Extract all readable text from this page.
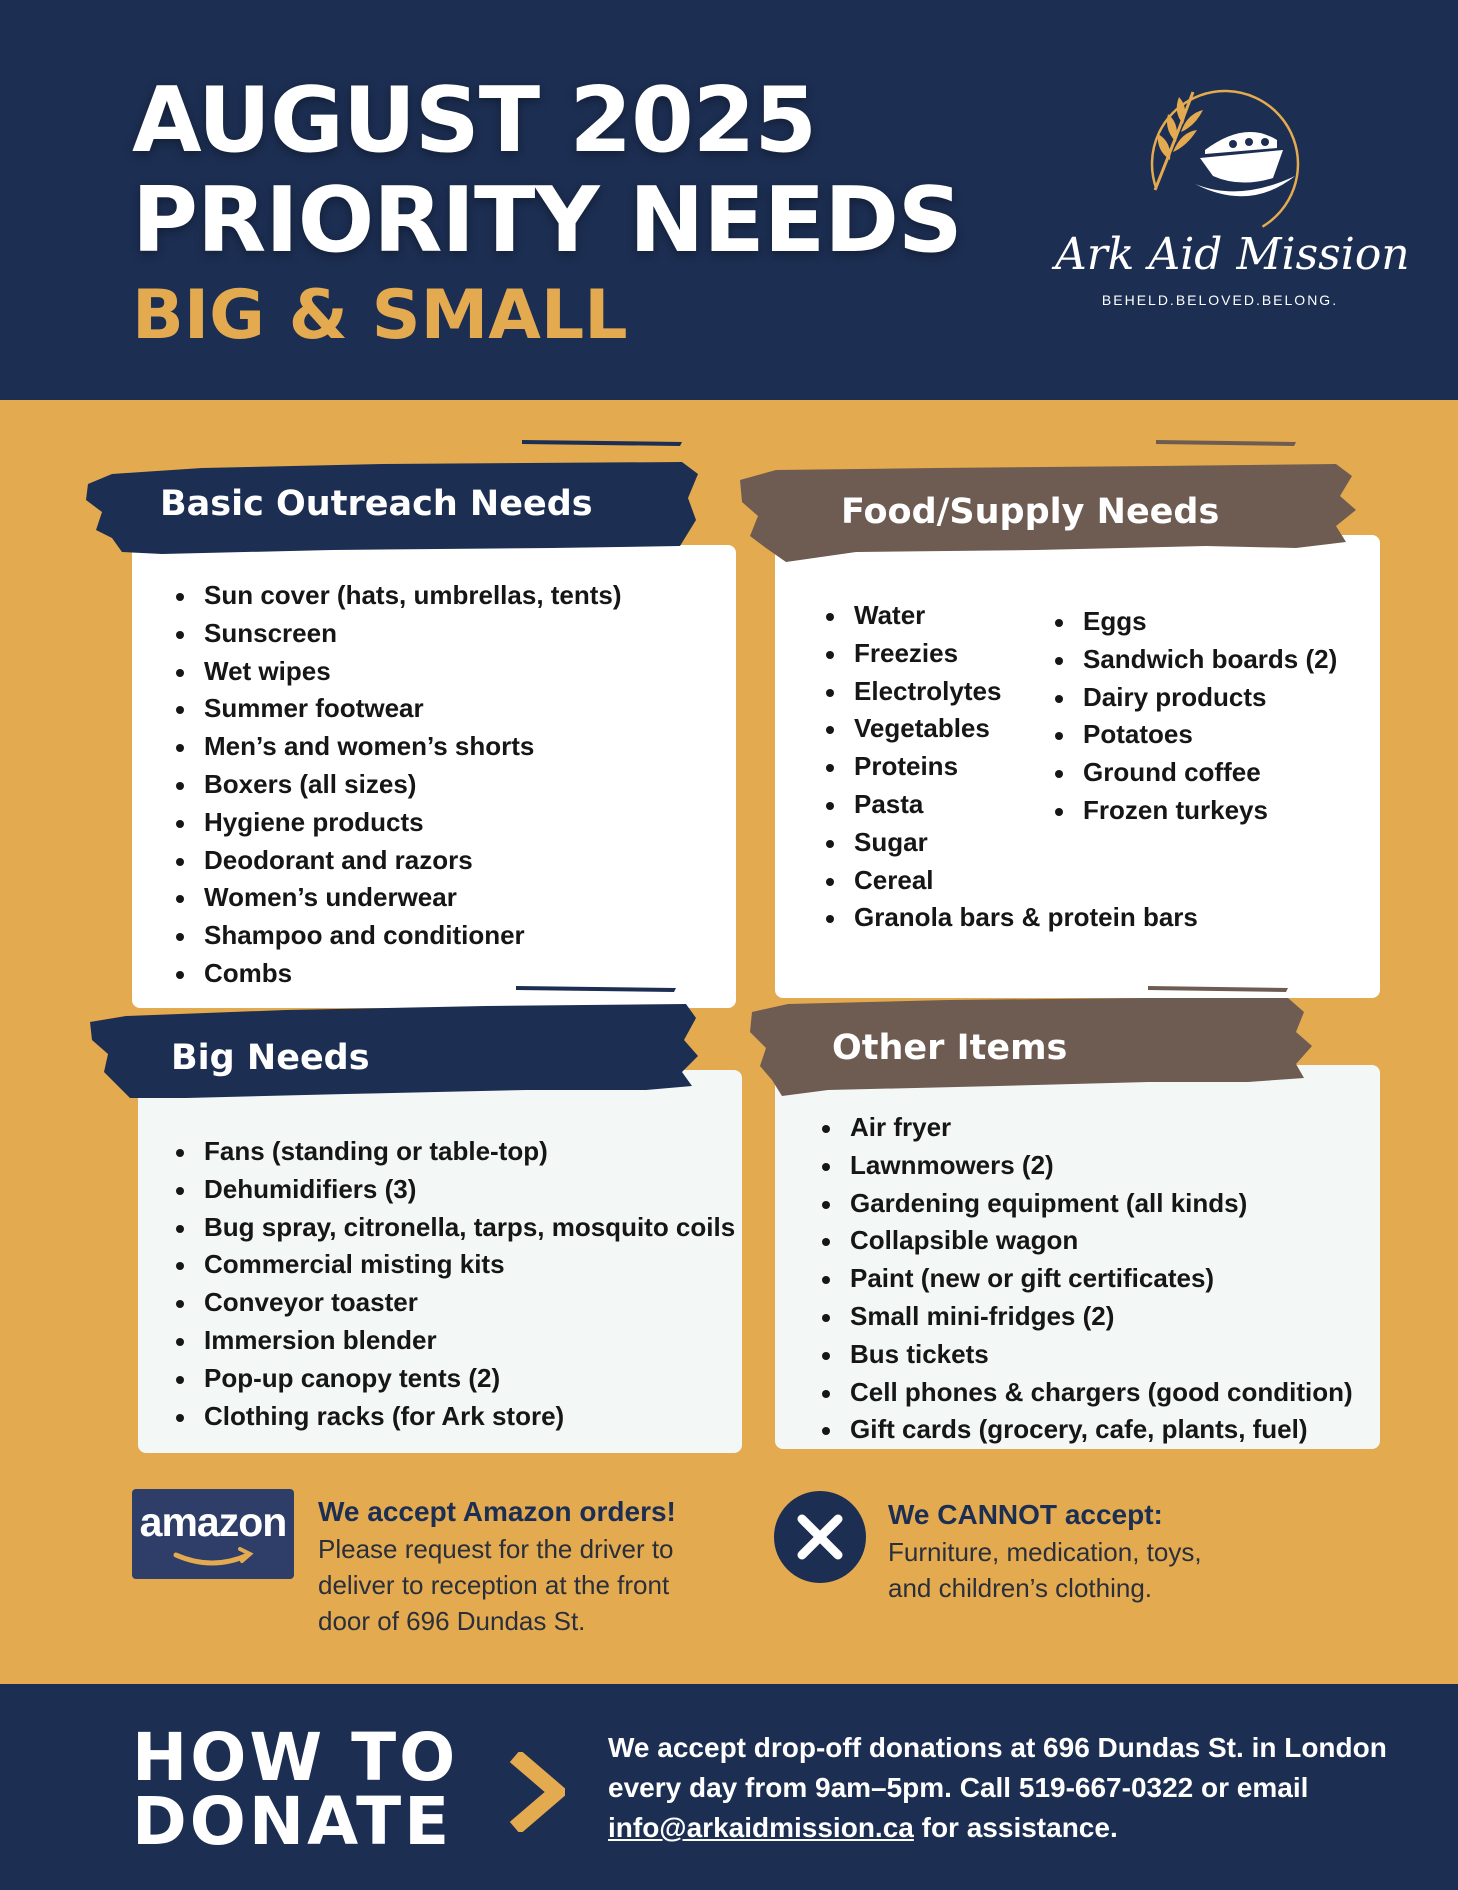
AUGUST 2025
PRIORITY NEEDS
BIG & SMALL
Ark Aid Mission
BEHELD.BELOVED.BELONG.
Basic Outreach Needs
Sun cover (hats, umbrellas, tents)
Sunscreen
Wet wipes
Summer footwear
Men’s and women’s shorts
Boxers (all sizes)
Hygiene products
Deodorant and razors
Women’s underwear
Shampoo and conditioner
Combs
Food/Supply Needs
Water
Freezies
Electrolytes
Vegetables
Proteins
Pasta
Sugar
Cereal
Granola bars & protein bars
Eggs
Sandwich boards (2)
Dairy products
Potatoes
Ground coffee
Frozen turkeys
Big Needs
Fans (standing or table-top)
Dehumidifiers (3)
Bug spray, citronella, tarps, mosquito coils
Commercial misting kits
Conveyor toaster
Immersion blender
Pop-up canopy tents (2)
Clothing racks (for Ark store)
Other Items
Air fryer
Lawnmowers (2)
Gardening equipment (all kinds)
Collapsible wagon
Paint (new or gift certificates)
Small mini-fridges (2)
Bus tickets
Cell phones & chargers (good condition)
Gift cards (grocery, cafe, plants, fuel)
amazon We accept Amazon orders!
Please request for the driver to
deliver to reception at the front
door of 696 Dundas St.
We CANNOT accept:
Furniture, medication, toys,
and children’s clothing.
HOW TO
DONATE
We accept drop-off donations at 696 Dundas St. in London
every day from 9am–5pm. Call 519-667-0322 or email
info@arkaidmission.ca for assistance.
